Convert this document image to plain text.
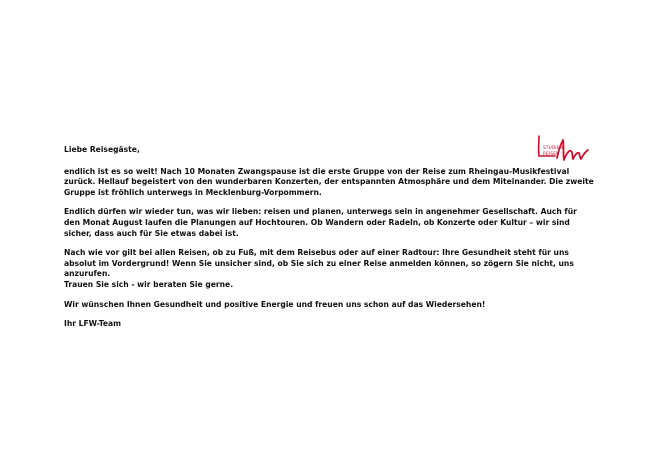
STUDIEN
REISEN

Liebe Reisegäste,

endlich ist es so weit! Nach 10 Monaten Zwangspause ist die erste Gruppe von der Reise zum Rheingau-Musikfestival zurück. Hellauf begeistert von den wunderbaren Konzerten, der entspannten Atmosphäre und dem Miteinander. Die zweite Gruppe ist fröhlich unterwegs in Mecklenburg-Vorpommern.

Endlich dürfen wir wieder tun, was wir lieben: reisen und planen, unterwegs sein in angenehmer Gesellschaft. Auch für den Monat August laufen die Planungen auf Hochtouren. Ob Wandern oder Radeln, ob Konzerte oder Kultur – wir sind sicher, dass auch für Sie etwas dabei ist.

Nach wie vor gilt bei allen Reisen, ob zu Fuß, mit dem Reisebus oder auf einer Radtour: Ihre Gesundheit steht für uns absolut im Vordergrund! Wenn Sie unsicher sind, ob Sie sich zu einer Reise anmelden können, so zögern Sie nicht, uns anzurufen.
Trauen Sie sich - wir beraten Sie gerne.

Wir wünschen Ihnen Gesundheit und positive Energie und freuen uns schon auf das Wiedersehen!

Ihr LFW-Team
